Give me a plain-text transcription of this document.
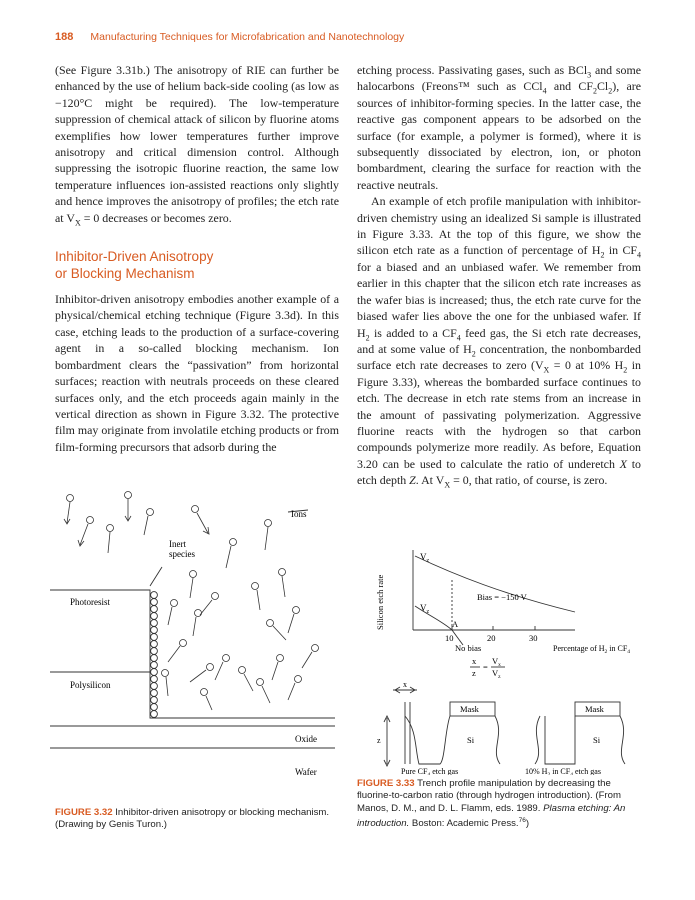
188 Manufacturing Techniques for Microfabrication and Nanotechnology

(See Figure 3.31b.) The anisotropy of RIE can further be enhanced by the use of helium back-side cooling (as low as −120°C might be required). The low-temperature suppression of chemical attack of silicon by fluorine atoms exemplifies how lower temperatures further improve anisotropy and critical dimension control. Although suppressing the isotropic fluorine reaction, the same low temperature influences ion-assisted reactions only slightly and hence improves the anisotropy of profiles; the etch rate at $V_X = 0$ decreases or becomes zero.

Inhibitor-Driven Anisotropy
or Blocking Mechanism

Inhibitor-driven anisotropy embodies another example of a physical/chemical etching technique (Figure 3.3d). In this case, etching leads to the production of a surface-covering agent in a so-called blocking mechanism. Ion bombardment clears the “passivation” from horizontal surfaces; reaction with neutrals proceeds on these cleared surfaces only, and the etch proceeds again mainly in the vertical direction as shown in Figure 3.32. The protective film may originate from involatile etching products or from film-forming precursors that adsorb during the

etching process. Passivating gases, such as BCl$_3$ and some halocarbons (Freons™ such as CCl$_4$ and $CF_2Cl_2$), are sources of inhibitor-forming species. In the latter case, the reactive gas component appears to be adsorbed on the surface (for example, a polymer is formed), where it is subsequently dissociated by electron, ion, or photon bombardment, clearing the surface for reaction with the reactive neutrals.

An example of etch profile manipulation with inhibitor-driven chemistry using an idealized Si sample is illustrated in Figure 3.33. At the top of this figure, we show the silicon etch rate as a function of percentage of $H_2$ in $CF_4$ for a biased and an unbiased wafer. We remember from earlier in this chapter that the silicon etch rate increases as the wafer bias is increased; thus, the etch rate curve for the biased wafer lies above the one for the unbiased wafer. If $H_2$ is added to a $CF_4$ feed gas, the Si etch rate decreases, and at some value of $H_2$ concentration, the nonbombarded surface etch rate decreases to zero ($V_X = 0$ at 10% $H_2$ in Figure 3.33), whereas the bombarded surface continues to etch. The decrease in etch rate stems from an increase in the amount of passivating polymerization. Aggressive fluorine reacts with the hydrogen so that carbon compounds polymerize more readily. As before, Equation 3.20 can be used to calculate the ratio of underetch X to etch depth Z. At $V_X = 0$, that ratio, of course, is zero.

Ions
Inert
species
Photoresist
Polysilicon
Oxide
Wafer
Silicon etch rate
$V_z$
Bias = −150 V
$V_z$
A
10	20	30
No bias	Percentage of $H_2$ in $CF_4$
x
z
=
$V_x$
$V_z$
x
z
Mask	Mask
Si	Si
Pure $CF_4$ etch gas	10% $H_2$ in $CF_4$ etch gas
FIGURE 3.32 Inhibitor-driven anisotropy or blocking mechanism. (Drawing by Genis Turon.)
FIGURE 3.33 Trench profile manipulation by decreasing the fluorine-to-carbon ratio (through hydrogen introduction). (From Manos, D. M., and D. L. Flamm, eds. 1989. Plasma etching: An introduction. Boston: Academic Press.$^{76}$)
